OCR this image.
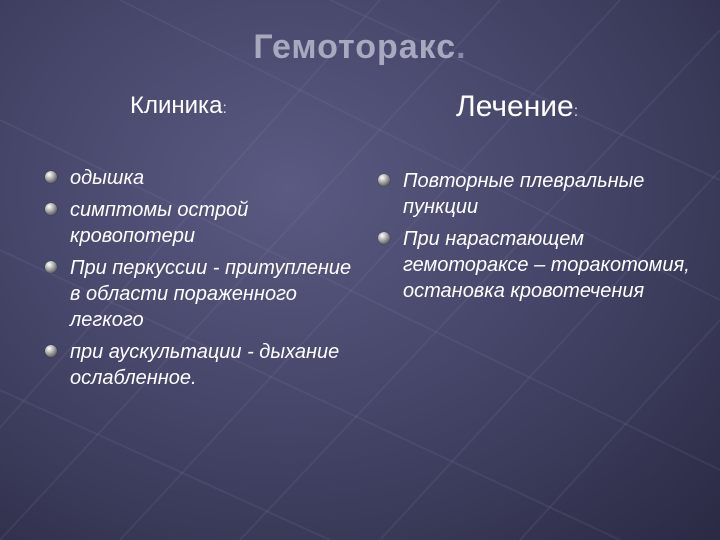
Гемоторакс.
Клиника:	Лечение:
одышка
симптомы острой кровопотери
При перкуссии - притупление в области пораженного легкого
при аускультации - дыхание ослабленное.
Повторные плевральные пункции
При нарастающем гемотораксе – торакотомия, остановка кровотечения
